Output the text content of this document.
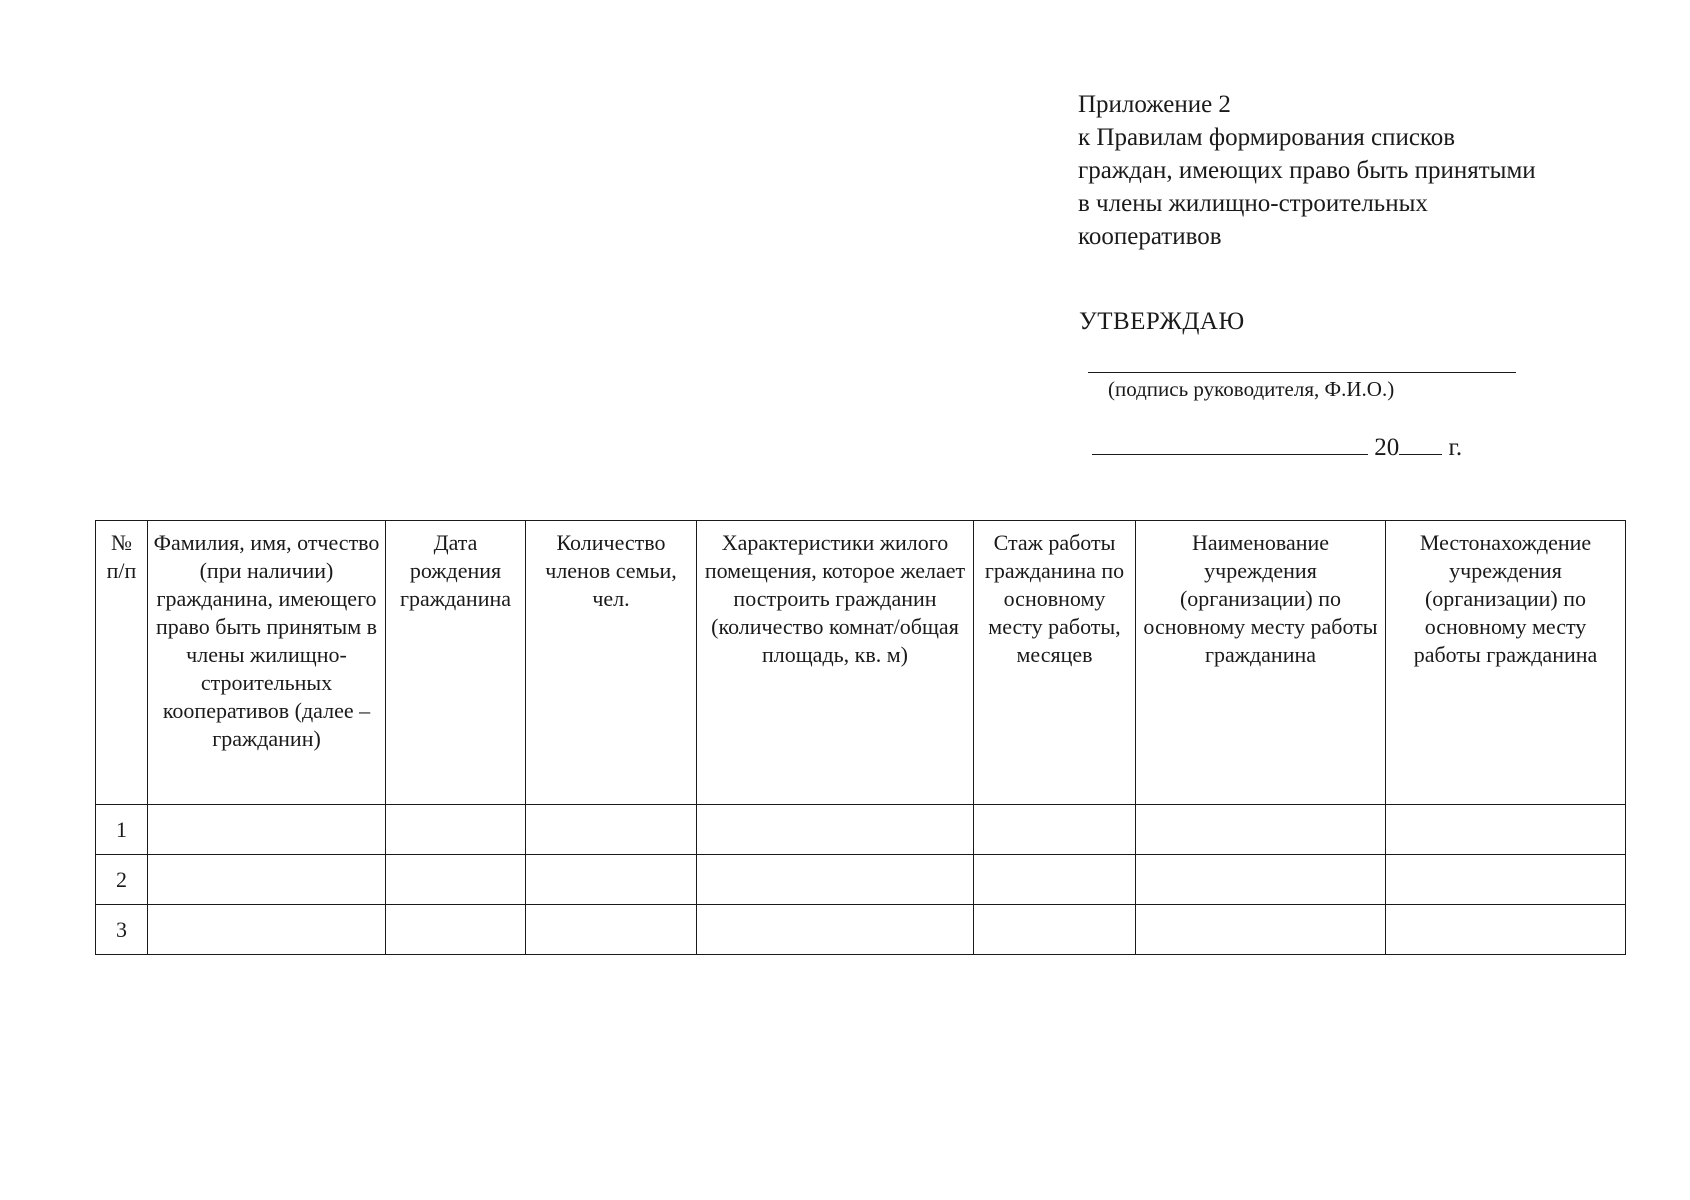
Приложение 2
к Правилам формирования списков
граждан, имеющих право быть принятыми
в члены жилищно-строительных
кооперативов
УТВЕРЖДАЮ
(подпись руководителя, Ф.И.О.)
20 г.
№ п/п	Фамилия, имя, отчество (при наличии) гражданина, имеющего право быть принятым в члены жилищно-строительных кооперативов (далее – гражданин)	Дата рождения гражданина	Количество членов семьи, чел.	Характеристики жилого помещения, которое желает построить гражданин (количество комнат/общая площадь, кв. м)	Стаж работы гражданина по основному месту работы, месяцев	Наименование учреждения (организации) по основному месту работы гражданина	Местонахождение учреждения (организации) по основному месту работы гражданина
1							
2							
3							
